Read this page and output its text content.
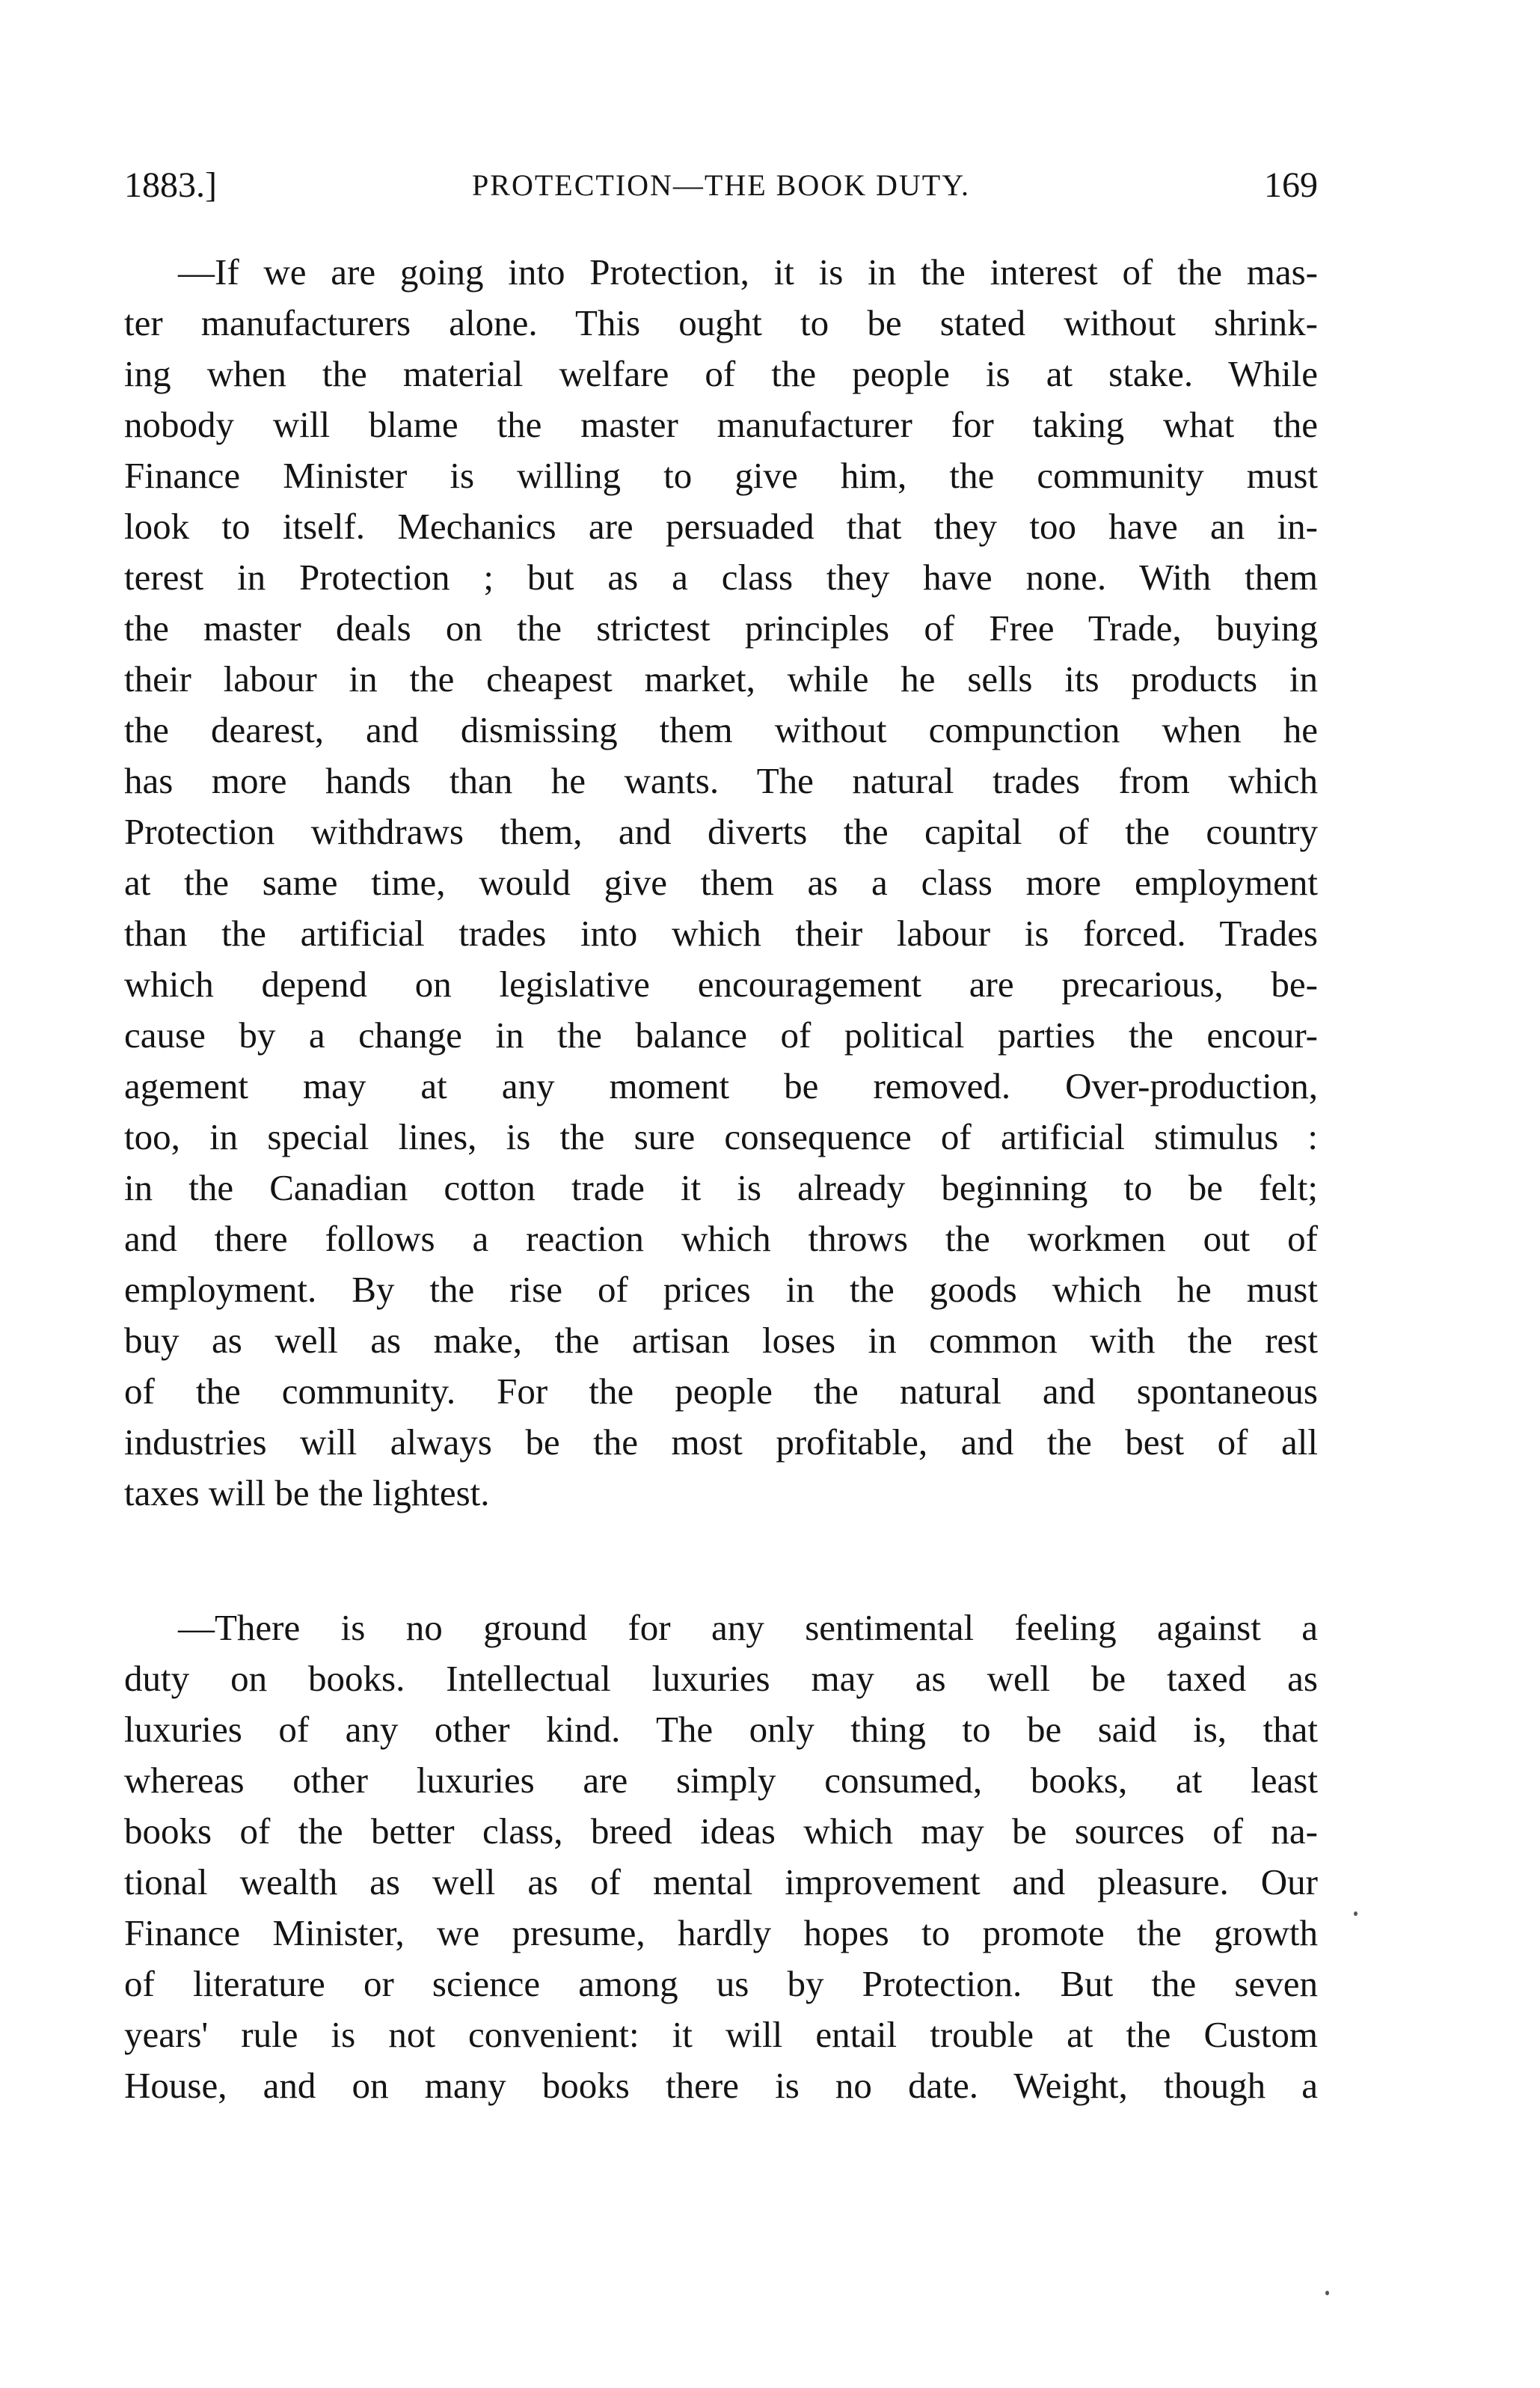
1883.]	PROTECTION—THE BOOK DUTY.	169
—If we are going into Protection, it is in the interest of the mas-
ter manufacturers alone. This ought to be stated without shrink-
ing when the material welfare of the people is at stake. While
nobody will blame the master manufacturer for taking what the
Finance Minister is willing to give him, the community must
look to itself. Mechanics are persuaded that they too have an in-
terest in Protection ; but as a class they have none. With them
the master deals on the strictest principles of Free Trade, buying
their labour in the cheapest market, while he sells its products in
the dearest, and dismissing them without compunction when he
has more hands than he wants. The natural trades from which
Protection withdraws them, and diverts the capital of the country
at the same time, would give them as a class more employment
than the artificial trades into which their labour is forced. Trades
which depend on legislative encouragement are precarious, be-
cause by a change in the balance of political parties the encour-
agement may at any moment be removed. Over-production,
too, in special lines, is the sure consequence of artificial stimulus :
in the Canadian cotton trade it is already beginning to be felt;
and there follows a reaction which throws the workmen out of
employment. By the rise of prices in the goods which he must
buy as well as make, the artisan loses in common with the rest
of the community. For the people the natural and spontaneous
industries will always be the most profitable, and the best of all
taxes will be the lightest.
—There is no ground for any sentimental feeling against a
duty on books. Intellectual luxuries may as well be taxed as
luxuries of any other kind. The only thing to be said is, that
whereas other luxuries are simply consumed, books, at least
books of the better class, breed ideas which may be sources of na-
tional wealth as well as of mental improvement and pleasure. Our
Finance Minister, we presume, hardly hopes to promote the growth
of literature or science among us by Protection. But the seven
years' rule is not convenient: it will entail trouble at the Custom
House, and on many books there is no date. Weight, though a
